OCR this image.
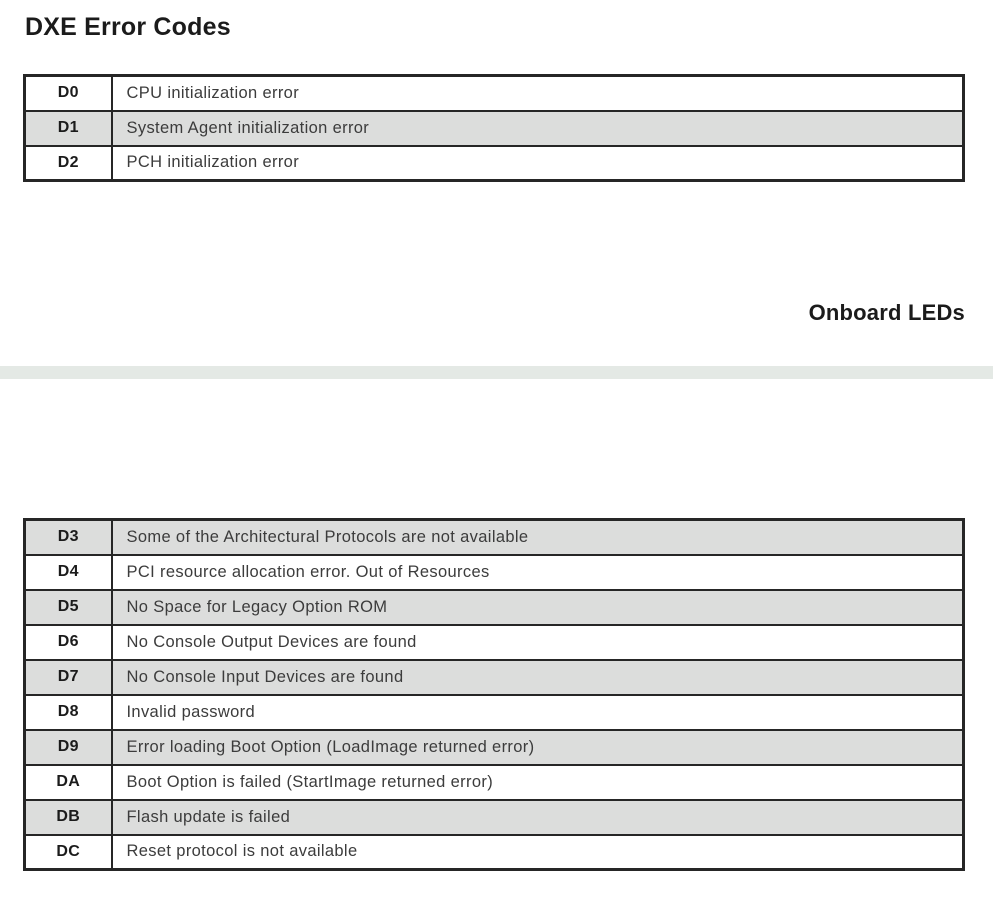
DXE Error Codes
D0	CPU initialization error
D1	System Agent initialization error
D2	PCH initialization error
Onboard LEDs
D3	Some of the Architectural Protocols are not available
D4	PCI resource allocation error. Out of Resources
D5	No Space for Legacy Option ROM
D6	No Console Output Devices are found
D7	No Console Input Devices are found
D8	Invalid password
D9	Error loading Boot Option (LoadImage returned error)
DA	Boot Option is failed (StartImage returned error)
DB	Flash update is failed
DC	Reset protocol is not available
